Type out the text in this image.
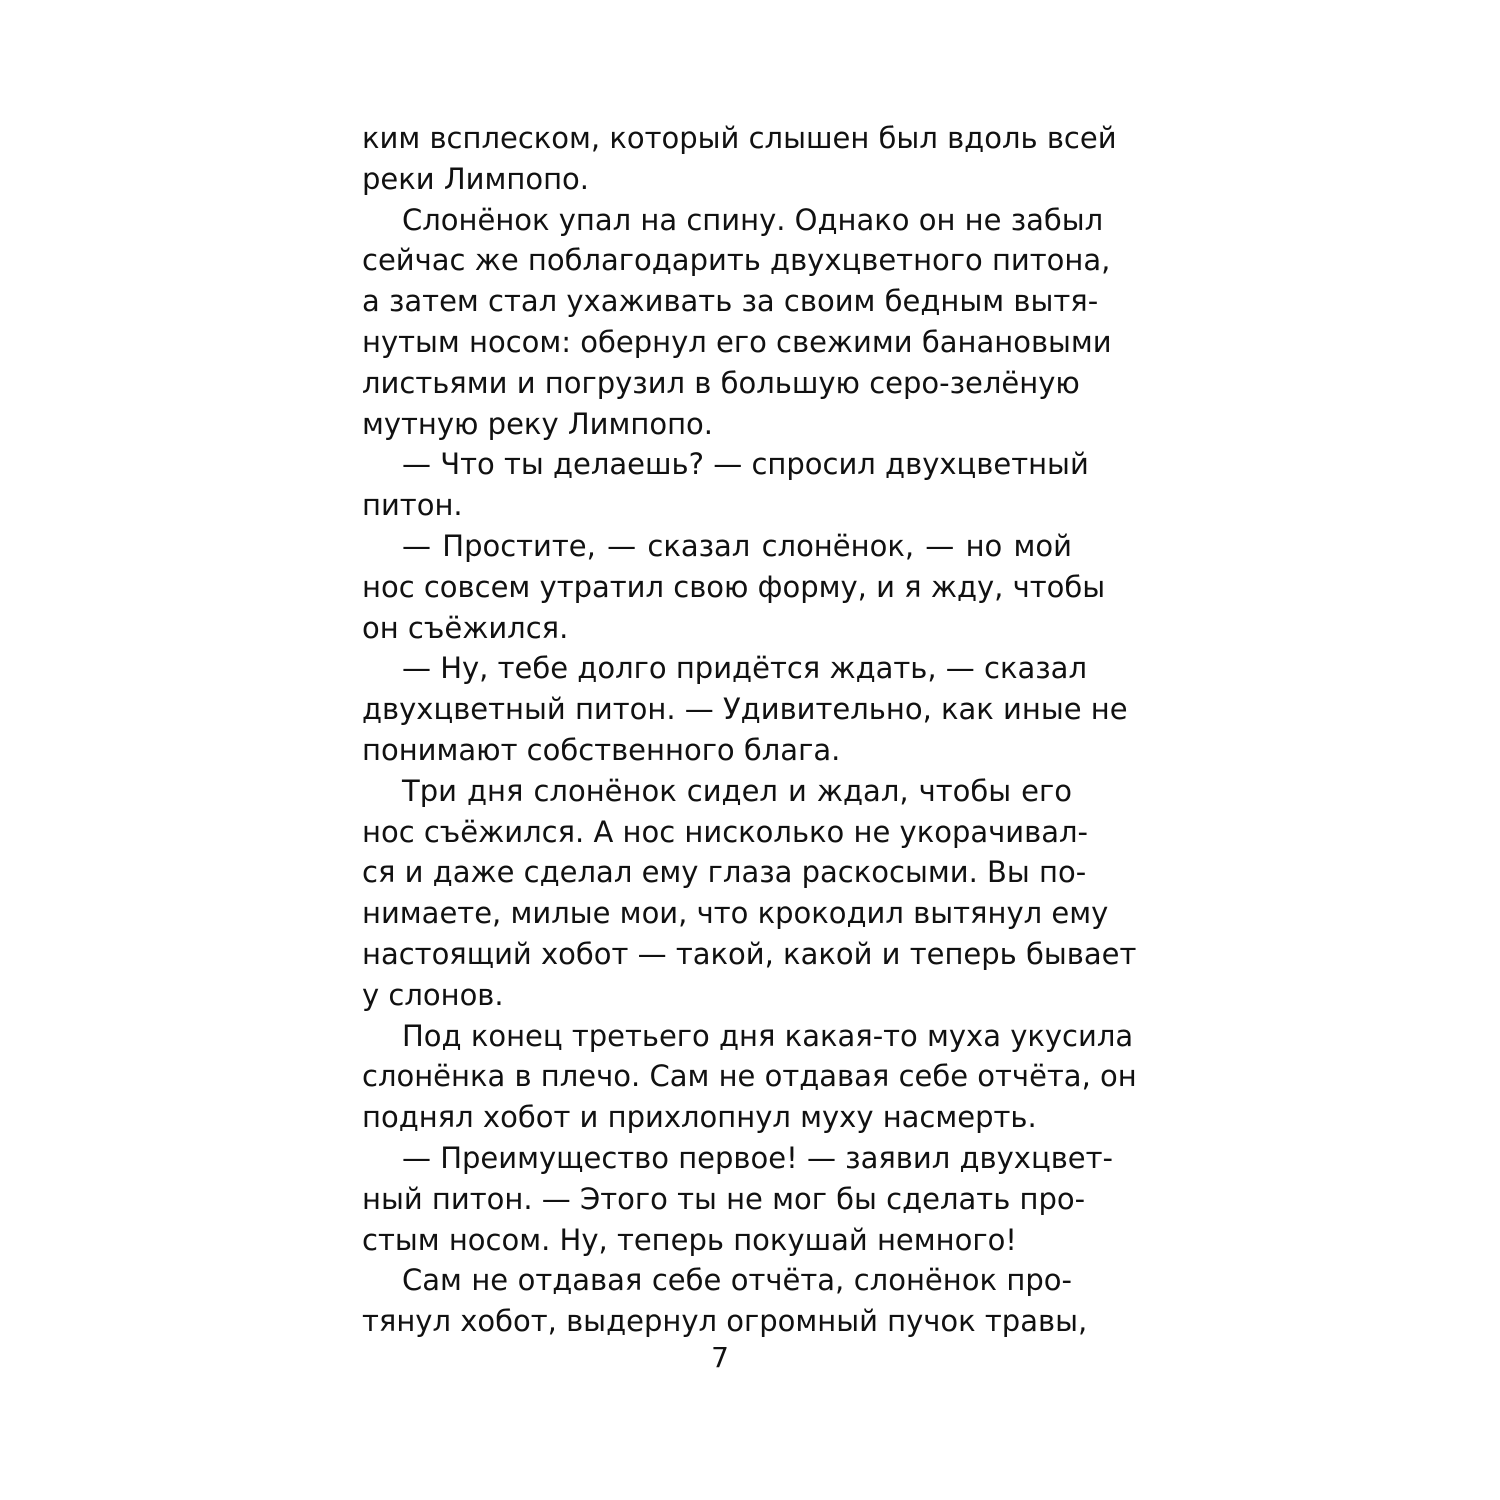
ким всплеском, который слышен был вдоль всей
реки Лимпопо.
Слонёнок упал на спину. Однако он не забыл
сейчас же поблагодарить двухцветного питона,
а затем стал ухаживать за своим бедным вытя-
нутым носом: обернул его свежими банановыми
листьями и погрузил в большую серо-зелёную
мутную реку Лимпопо.
— Что ты делаешь? — спросил двухцветный
питон.
— Простите, — сказал слонёнок, — но мой
нос совсем утратил свою форму, и я жду, чтобы
он съёжился.
— Ну, тебе долго придётся ждать, — сказал
двухцветный питон. — Удивительно, как иные не
понимают собственного блага.
Три дня слонёнок сидел и ждал, чтобы его
нос съёжился. А нос нисколько не укорачивал-
ся и даже сделал ему глаза раскосыми. Вы по-
нимаете, милые мои, что крокодил вытянул ему
настоящий хобот — такой, какой и теперь бывает
у слонов.
Под конец третьего дня какая-то муха укусила
слонёнка в плечо. Сам не отдавая себе отчёта, он
поднял хобот и прихлопнул муху насмерть.
— Преимущество первое! — заявил двухцвет-
ный питон. — Этого ты не мог бы сделать про-
стым носом. Ну, теперь покушай немного!
Сам не отдавая себе отчёта, слонёнок про-
тянул хобот, выдернул огромный пучок травы,
7
